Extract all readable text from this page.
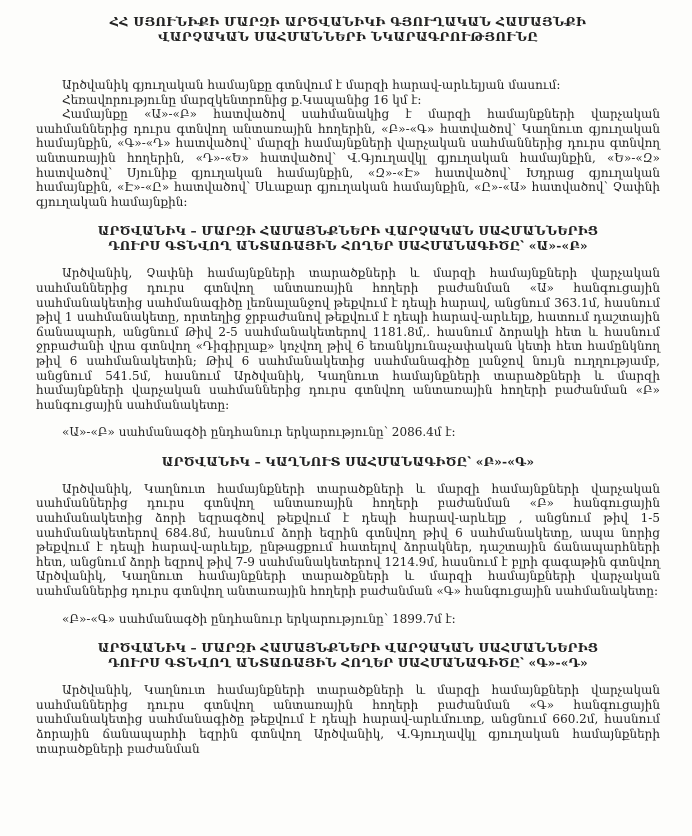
ՀՀ ՍՅՈՒՆԻՔԻ ՄԱՐԶԻ ԱՐԾՎԱՆԻԿԻ ԳՅՈՒՂԱԿԱՆ ՀԱՄԱՅՆՔԻ ՎԱՐՉԱԿԱՆ ՍԱՀՄԱՆՆԵՐԻ ՆԿԱՐԱԳՐՈՒԹՅՈՒՆԸ

Արծվանիկ գյուղական համայնքը գտնվում է մարզի հարավ-արևելյան մասում։

Հեռավորությունը մարզկենտրոնից ք.Կապանից 16 կմ է։

Համայնքը «Ա»-«Բ» հատվածով սահմանակից է մարզի համայնքների վարչական սահմաններից դուրս գտնվող անտառային հողերին, «Բ»-«Գ» հատվածով՝ Կաղնուտ գյուղական համայնքին, «Գ»-«Դ» հատվածով՝ մարզի համայնքների վարչական սահմաններից դուրս գտնվող անտառային հողերին, «Դ»-«Ե» հատվածով՝ Վ.Գյուղավկլ գյուղական համայնքին, «Ե»-«Զ» հատվածով՝ Սյունիք գյուղական համայնքին, «Զ»-«Է» հատվածով՝ Խդրաց գյուղական համայնքին, «Է»-«Ը» հատվածով՝ Սևաքար գյուղական համայնքին, «Ը»-«Ա» հատվածով՝ Չափնի գյուղական համայնքին։

ԱՐԾՎԱՆԻԿ – ՄԱՐԶԻ ՀԱՄԱՅՆՔՆԵՐԻ ՎԱՐՉԱԿԱՆ ՍԱՀՄԱՆՆԵՐԻՑ ԴՈՒՐՍ ԳՏՆՎՈՂ ԱՆՏԱՌԱՅԻՆ ՀՈՂԵՐ ՍԱՀՄԱՆԱԳԻԾԸ՝ «Ա»-«Բ»

Արծվանիկ, Չափնի համայնքների տարածքների և մարզի համայնքների վարչական սահմաններից դուրս գտնվող անտառային հողերի բաժանման «Ա» հանգուցային սահմանակետից սահմանագիծը լեռնալանջով թեքվում է դեպի հարավ, անցնում 363.1մ, հասնում թիվ 1 սահմանակետը, որտեղից ջրբաժանով թեքվում է դեպի հարավ-արևելք, հատում դաշտային ճանապարհ, անցնում Թիվ 2-5 սահմանակետերով 1181.8մ,. հասնում ձորակի հետ և հասնում ջրբաժանի վրա գտնվող «Դիգիրլաք» կոչվող թիվ 6 եռանկյունաչափական կետի հետ համընկնող թիվ 6 սահմանակետին; Թիվ 6 սահմանակետից սահմանագիծը լանջով նույն ուղղությամբ, անցնում 541.5մ, հասնում Արծվանիկ, Կաղնուտ համայնքների տարածքների և մարզի համայնքների վարչական սահմաններից դուրս գտնվող անտառային հողերի բաժանման «Բ» հանգուցային սահմանակետը։

«Ա»-«Բ» սահմանագծի ընդհանուր երկարությունը՝ 2086.4մ է։

ԱՐԾՎԱՆԻԿ – ԿԱՂՆՈՒՏ ՍԱՀՄԱՆԱԳԻԾԸ՝ «Բ»-«Գ»

Արծվանիկ, Կաղնուտ համայնքների տարածքների և մարզի համայնքների վարչական սահմաններից դուրս գտնվող անտառային հողերի բաժանման «Բ» հանգուցային սահմանակետից ձորի եզրագծով թեքվում է դեպի հարավ-արևելք , անցնում թիվ 1-5 սահմանակետերով 684.8մ, հասնում ձորի եզրին գտնվող թիվ 6 սահմանակետը, ապա նորից թեքվում է դեպի հարավ-արևելք, ընթացքում հատելով ձորակներ, դաշտային ճանապարհների հետ, անցնում ձորի եզրով թիվ 7-9 սահմանակետերով 1214.9մ, հասնում է բլրի գագաթին գտնվող Արծվանիկ, Կաղնուտ համայնքների տարածքների և մարզի համայնքների վարչական սահմաններից դուրս գտնվող անտառային հողերի բաժանման «Գ» հանգուցային սահմանակետը։

«Բ»-«Գ» սահմանագծի ընդհանուր երկարությունը՝ 1899.7մ է։

ԱՐԾՎԱՆԻԿ – ՄԱՐԶԻ ՀԱՄԱՅՆՔՆԵՐԻ ՎԱՐՉԱԿԱՆ ՍԱՀՄԱՆՆԵՐԻՑ ԴՈՒՐՍ ԳՏՆՎՈՂ ԱՆՏԱՌԱՅԻՆ ՀՈՂԵՐ ՍԱՀՄԱՆԱԳԻԾԸ՝ «Գ»-«Դ»

Արծվանիկ, Կաղնուտ համայնքների տարածքների և մարզի համայնքների վարչական սահմաններից դուրս գտնվող անտառային հողերի բաժանման «Գ» հանգուցային սահմանակետից սահմանագիծը թեքվում է դեպի հարավ-արևմուտք, անցնում 660.2մ, հասնում ձորային ճանապարհի եզրին գտնվող Արծվանիկ, Վ.Գյուղավկլ գյուղական համայնքների տարածքների բաժանման
